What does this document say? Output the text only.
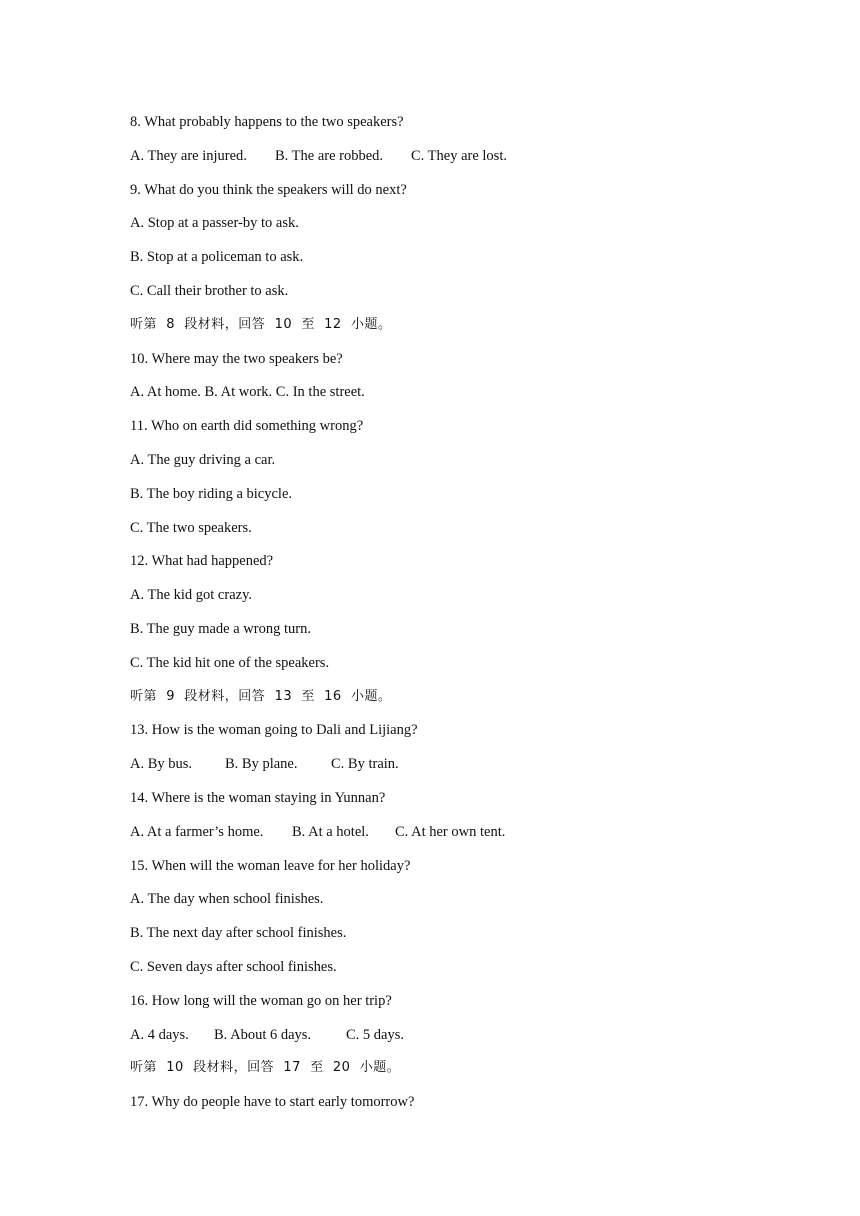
8. What probably happens to the two speakers?
A. They are injured. B. The are robbed. C. They are lost.
9. What do you think the speakers will do next?
A. Stop at a passer-by to ask.
B. Stop at a policeman to ask.
C. Call their brother to ask.
听第  8  段材料，回答  10  至  12  小题。
10. Where may the two speakers be?
A. At home. B. At work. C. In the street.
11. Who on earth did something wrong?
A. The guy driving a car.
B. The boy riding a bicycle.
C. The two speakers.
12. What had happened?
A. The kid got crazy.
B. The guy made a wrong turn.
C. The kid hit one of the speakers.
听第  9  段材料，回答  13  至  16  小题。
13. How is the woman going to Dali and Lijiang?
A. By bus. B. By plane. C. By train.
14. Where is the woman staying in Yunnan?
A. At a farmer’s home. B. At a hotel. C. At her own tent.
15. When will the woman leave for her holiday?
A. The day when school finishes.
B. The next day after school finishes.
C. Seven days after school finishes.
16. How long will the woman go on her trip?
A. 4 days. B. About 6 days. C. 5 days.
听第  10  段材料，回答  17  至  20  小题。
17. Why do people have to start early tomorrow?
